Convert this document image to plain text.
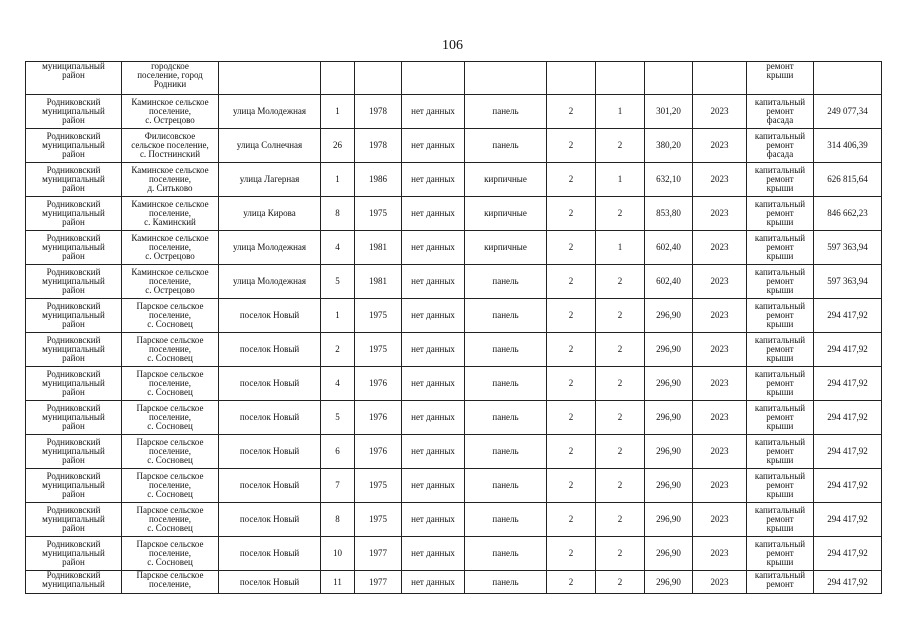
106
муниципальный
район	городское
поселение, город
Родники										ремонт
крыши	

Родниковский
муниципальный
район	Каминское сельское
поселение,
с. Острецово	улица Молодежная	1	1978	нет данных	панель	2	1	301,20	2023	капитальный
ремонт
фасада	249 077,34

Родниковский
муниципальный
район	Филисовское
сельское поселение,
с. Постнинский	улица Солнечная	26	1978	нет данных	панель	2	2	380,20	2023	капитальный
ремонт
фасада	314 406,39

Родниковский
муниципальный
район	Каминское сельское
поселение,
д. Ситьково	улица Лагерная	1	1986	нет данных	кирпичные	2	1	632,10	2023	капитальный
ремонт
крыши	626 815,64

Родниковский
муниципальный
район	Каминское сельское
поселение,
с. Каминский	улица Кирова	8	1975	нет данных	кирпичные	2	2	853,80	2023	капитальный
ремонт
крыши	846 662,23

Родниковский
муниципальный
район	Каминское сельское
поселение,
с. Острецово	улица Молодежная	4	1981	нет данных	кирпичные	2	1	602,40	2023	капитальный
ремонт
крыши	597 363,94

Родниковский
муниципальный
район	Каминское сельское
поселение,
с. Острецово	улица Молодежная	5	1981	нет данных	панель	2	2	602,40	2023	капитальный
ремонт
крыши	597 363,94

Родниковский
муниципальный
район	Парское сельское
поселение,
с. Сосновец	поселок Новый	1	1975	нет данных	панель	2	2	296,90	2023	капитальный
ремонт
крыши	294 417,92

Родниковский
муниципальный
район	Парское сельское
поселение,
с. Сосновец	поселок Новый	2	1975	нет данных	панель	2	2	296,90	2023	капитальный
ремонт
крыши	294 417,92

Родниковский
муниципальный
район	Парское сельское
поселение,
с. Сосновец	поселок Новый	4	1976	нет данных	панель	2	2	296,90	2023	капитальный
ремонт
крыши	294 417,92

Родниковский
муниципальный
район	Парское сельское
поселение,
с. Сосновец	поселок Новый	5	1976	нет данных	панель	2	2	296,90	2023	капитальный
ремонт
крыши	294 417,92

Родниковский
муниципальный
район	Парское сельское
поселение,
с. Сосновец	поселок Новый	6	1976	нет данных	панель	2	2	296,90	2023	капитальный
ремонт
крыши	294 417,92

Родниковский
муниципальный
район	Парское сельское
поселение,
с. Сосновец	поселок Новый	7	1975	нет данных	панель	2	2	296,90	2023	капитальный
ремонт
крыши	294 417,92

Родниковский
муниципальный
район	Парское сельское
поселение,
с. Сосновец	поселок Новый	8	1975	нет данных	панель	2	2	296,90	2023	капитальный
ремонт
крыши	294 417,92

Родниковский
муниципальный
район	Парское сельское
поселение,
с. Сосновец	поселок Новый	10	1977	нет данных	панель	2	2	296,90	2023	капитальный
ремонт
крыши	294 417,92

Родниковский
муниципальный	Парское сельское
поселение,	поселок Новый	11	1977	нет данных	панель	2	2	296,90	2023	капитальный
ремонт	294 417,92
